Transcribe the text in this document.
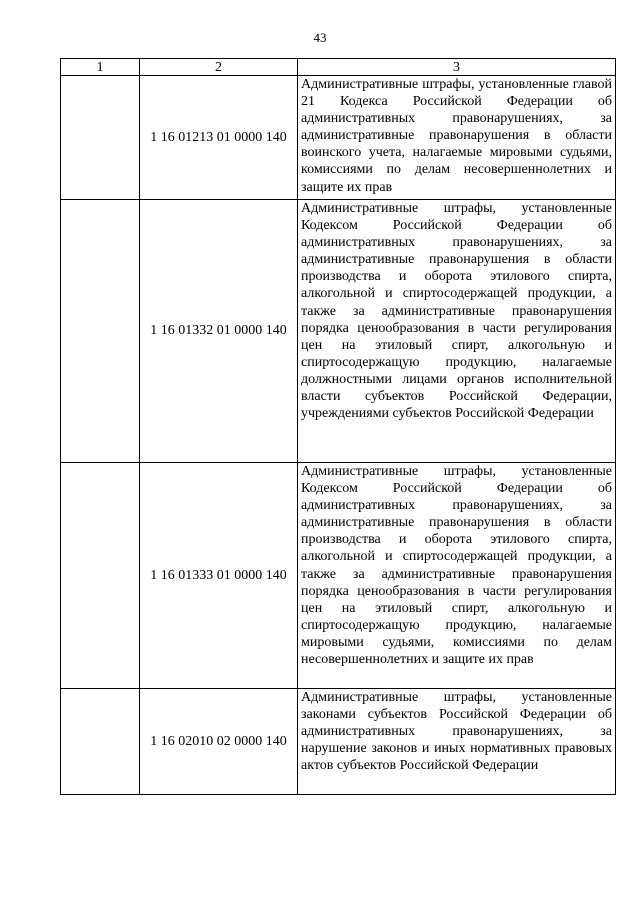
43
1	2	3
	1 16 01213 01 0000 140	Административные штрафы, установленные главой 21 Кодекса Российской Федерации об административных правонарушениях, за административные правонарушения в области воинского учета, налагаемые мировыми судьями, комиссиями по делам несовершеннолетних и защите их прав
	1 16 01332 01 0000 140	Административные штрафы, установленные Кодексом Российской Федерации об административных правонарушениях, за административные правонарушения в области производства и оборота этилового спирта, алкогольной и спиртосодержащей продукции, а также за административные правонарушения порядка ценообразования в части регулирования цен на этиловый спирт, алкогольную и спиртосодержащую продукцию, налагаемые должностными лицами органов исполнительной власти субъектов Российской Федерации, учреждениями субъектов Российской Федерации
	1 16 01333 01 0000 140	Административные штрафы, установленные Кодексом Российской Федерации об административных правонарушениях, за административные правонарушения в области производства и оборота этилового спирта, алкогольной и спиртосодержащей продукции, а также за административные правонарушения порядка ценообразования в части регулирования цен на этиловый спирт, алкогольную и спиртосодержащую продукцию, налагаемые мировыми судьями, комиссиями по делам несовершеннолетних и защите их прав
	1 16 02010 02 0000 140	Административные штрафы, установленные законами субъектов Российской Федерации об административных правонарушениях, за нарушение законов и иных нормативных правовых актов субъектов Российской Федерации
